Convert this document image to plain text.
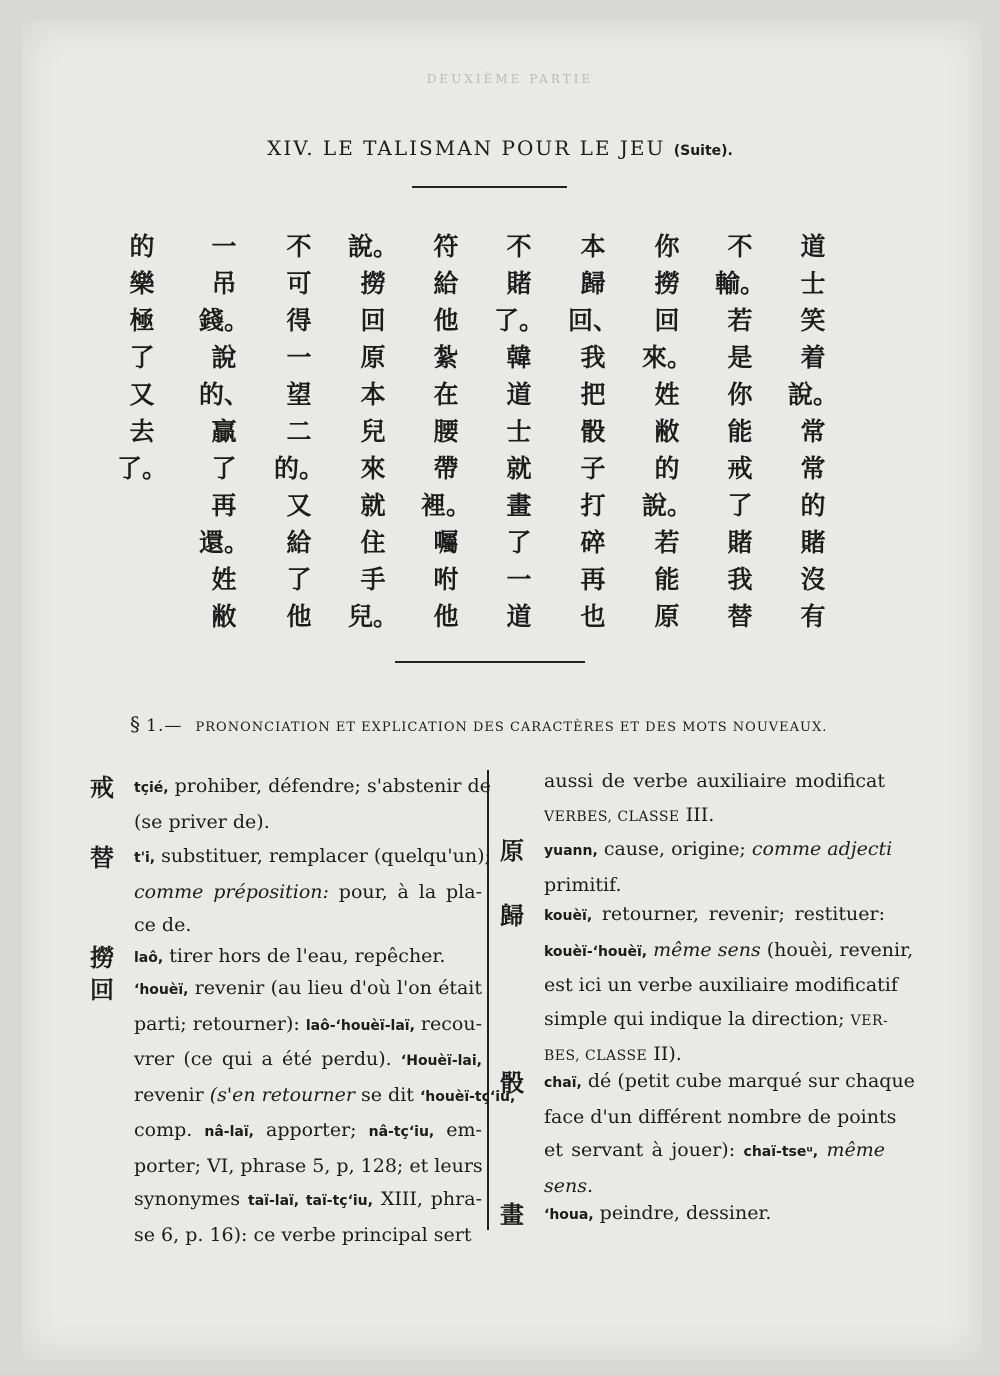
DEUXIÈME PARTIE
XIV. LE TALISMAN POUR LE JEU (Suite).
道
士
笑
着
說。
常
常
的
賭
沒
有
不
輸。
若
是
你
能
戒
了
賭
我
替
你
撈
回
來。
姓
敝
的
說。
若
能
原
本
歸
回、
我
把
骰
子
打
碎
再
也
不
賭
了。
韓
道
士
就
畫
了
一
道
符
給
他
紮
在
腰
帶
裡。
囑
咐
他
說。
撈
回
原
本
兒
來
就
住
手
兒。
不
可
得
一
望
二
的。
又
給
了
他
一
吊
錢。
說
的、
贏
了
再
還。
姓
敝
的
樂
極
了
又
去
了。
§ 1.— PRONONCIATION ET EXPLICATION DES CARACTÈRES ET DES MOTS NOUVEAUX.
戒 tçié, prohiber, défendre; s'abstenir de
(se priver de).
替 t'i, substituer, remplacer (quelqu'un);
comme préposition: pour, à la pla-
ce de.
撈 laô, tirer hors de l'eau, repêcher.
回 ʻhouèï, revenir (au lieu d'où l'on était
parti; retourner): laô-ʻhouèï-laï, recou-
vrer (ce qui a été perdu). ʻHouèï-lai,
revenir (s'en retourner se dit ʻhouèï-tçʻiu,
comp. nâ-laï, apporter; nâ-tçʻiu, em-
porter; VI, phrase 5, p, 128; et leurs
synonymes taï-laï, taï-tçʻiu, XIII, phra-
se 6, p. 16): ce verbe principal sert
aussi de verbe auxiliaire modificat
VERBES, CLASSE III.
原 yuann, cause, origine; comme adjecti
primitif.
歸 kouèï, retourner, revenir; restituer:
kouèï-ʻhouèï, même sens (houèi, revenir,
est ici un verbe auxiliaire modificatif
simple qui indique la direction; VER-
BES, CLASSE II).
骰 chaï, dé (petit cube marqué sur chaque
face d'un différent nombre de points
et servant à jouer): chaï-tseᵘ, même
sens.
畫 ʻhoua, peindre, dessiner.
